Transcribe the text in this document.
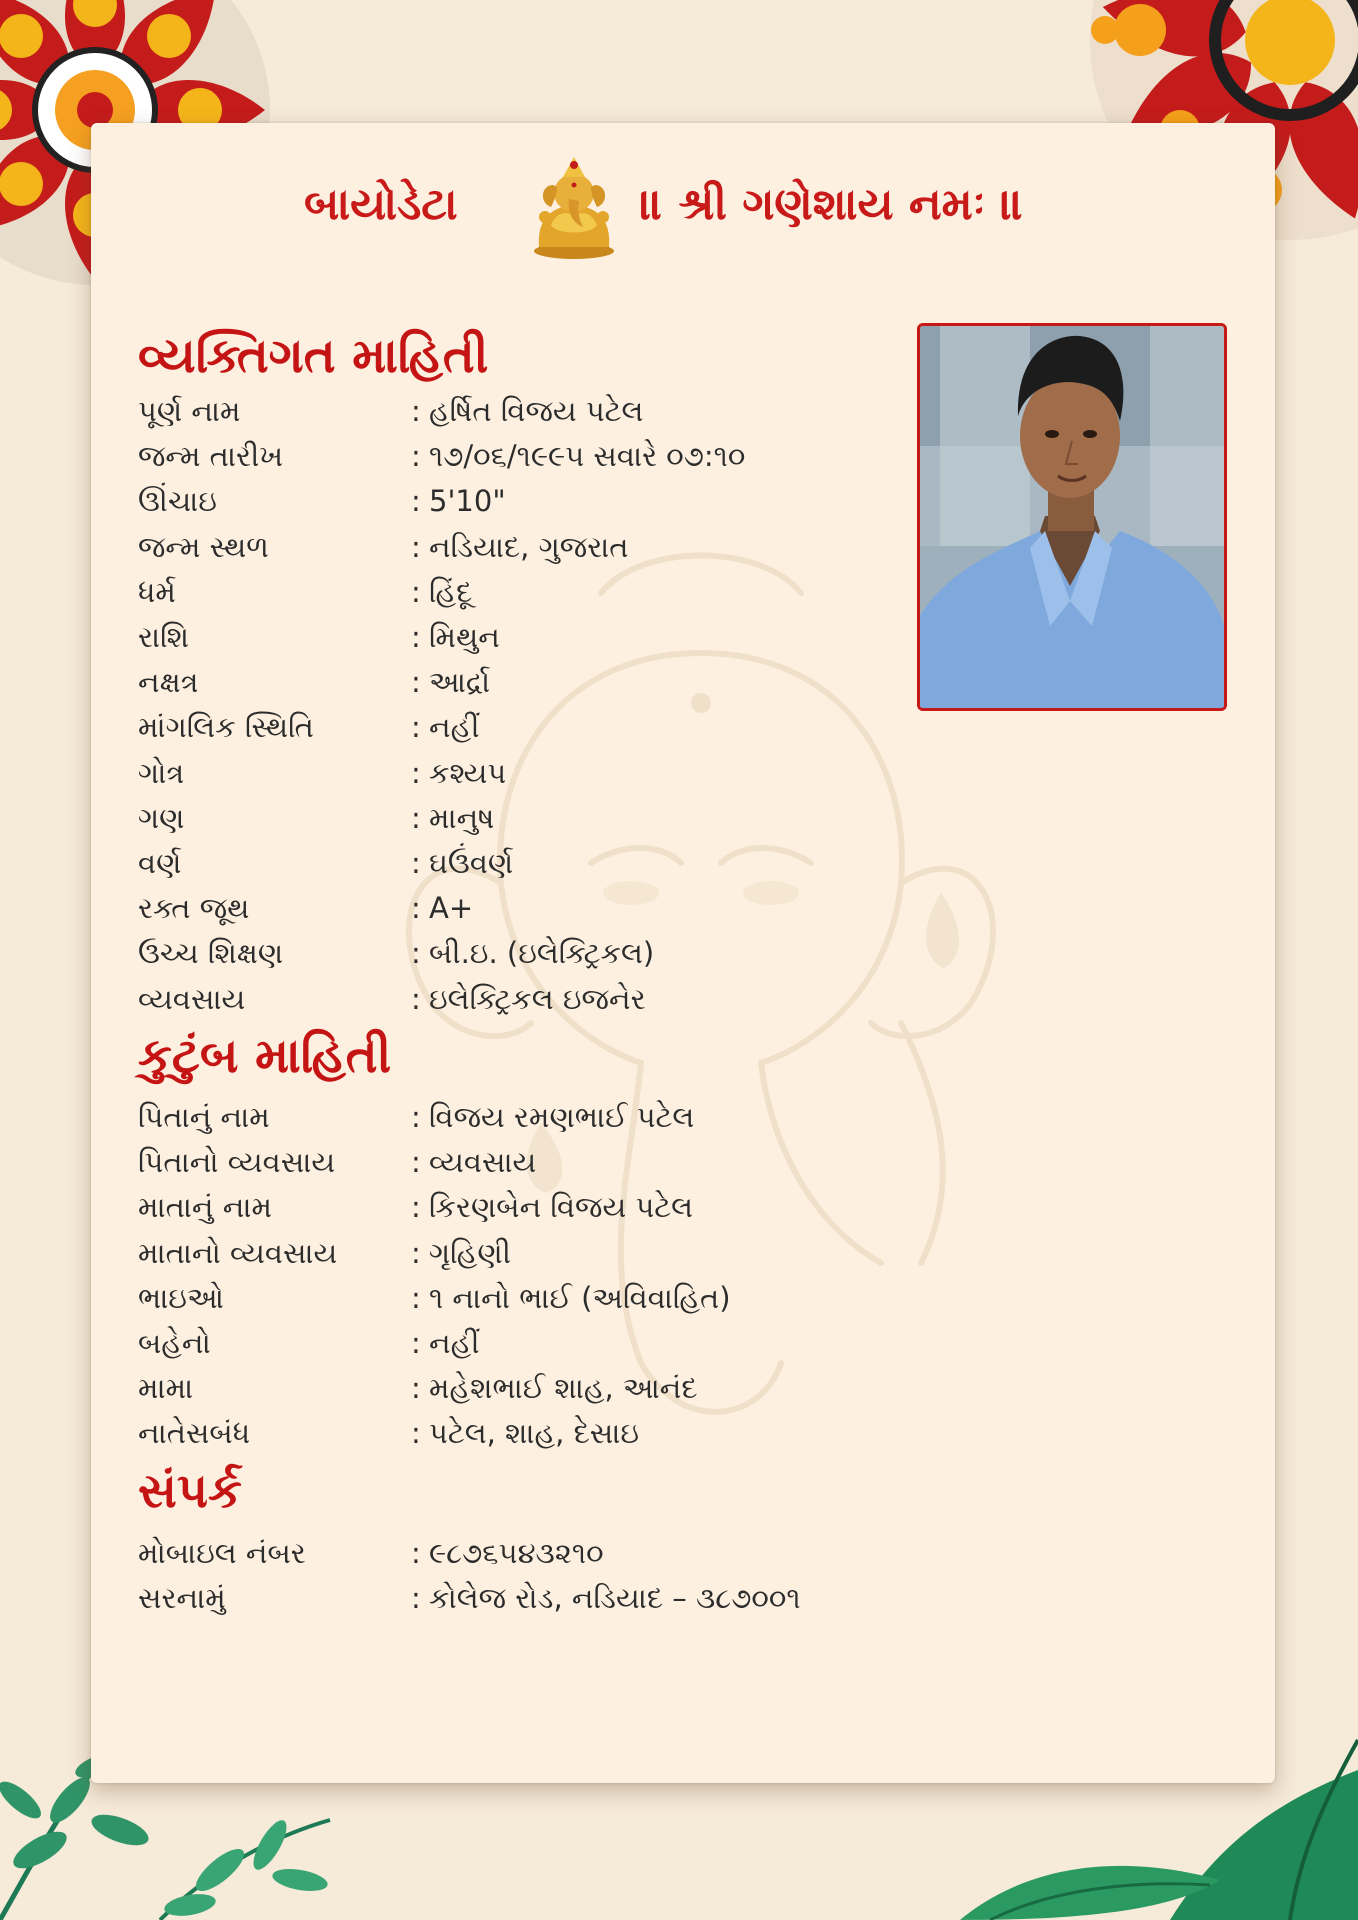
બાયોડેટા	॥ શ્રી ગણેશાય નમઃ ॥
વ્યક્તિગત માહિતી
પૂર્ણ નામ	: હર્ષિત વિજય પટેલ
જન્મ તારીખ	: ૧૭/૦૬/૧૯૯૫ સવારે ૦૭:૧૦
ઊંચાઇ	: 5'10"
જન્મ સ્થળ	: નડિયાદ, ગુજરાત
ધર્મ	: હિંદૂ
રાશિ	: મિથુન
નક્ષત્ર	: આર્દ્રા
માંગલિક સ્થિતિ	: નહીં
ગોત્ર	: કશ્યપ
ગણ	: માનુષ
વર્ણ	: ઘઉંવર્ણ
રક્ત જૂથ	: A+
ઉચ્ચ શિક્ષણ	: બી.ઇ. (ઇલેક્ટ્રિકલ)
વ્યવસાય	: ઇલેક્ટ્રિકલ ઇજનેર
કુટુંબ માહિતી
પિતાનું નામ	: વિજય રમણભાઈ પટેલ
પિતાનો વ્યવસાય	: વ્યવસાય
માતાનું નામ	: કિરણબેન વિજય પટેલ
માતાનો વ્યવસાય	: ગૃહિણી
ભાઇઓ	: ૧ નાનો ભાઈ (અવિવાહિત)
બહેનો	: નહીં
મામા	: મહેશભાઈ શાહ, આનંદ
નાતેસબંધ	: પટેલ, શાહ, દેસાઇ
સંપર્ક
મોબાઇલ નંબર	: ૯૮૭૬૫૪૩૨૧૦
સરનામું	: કોલેજ રોડ, નડિયાદ – ૩૮૭૦૦૧
